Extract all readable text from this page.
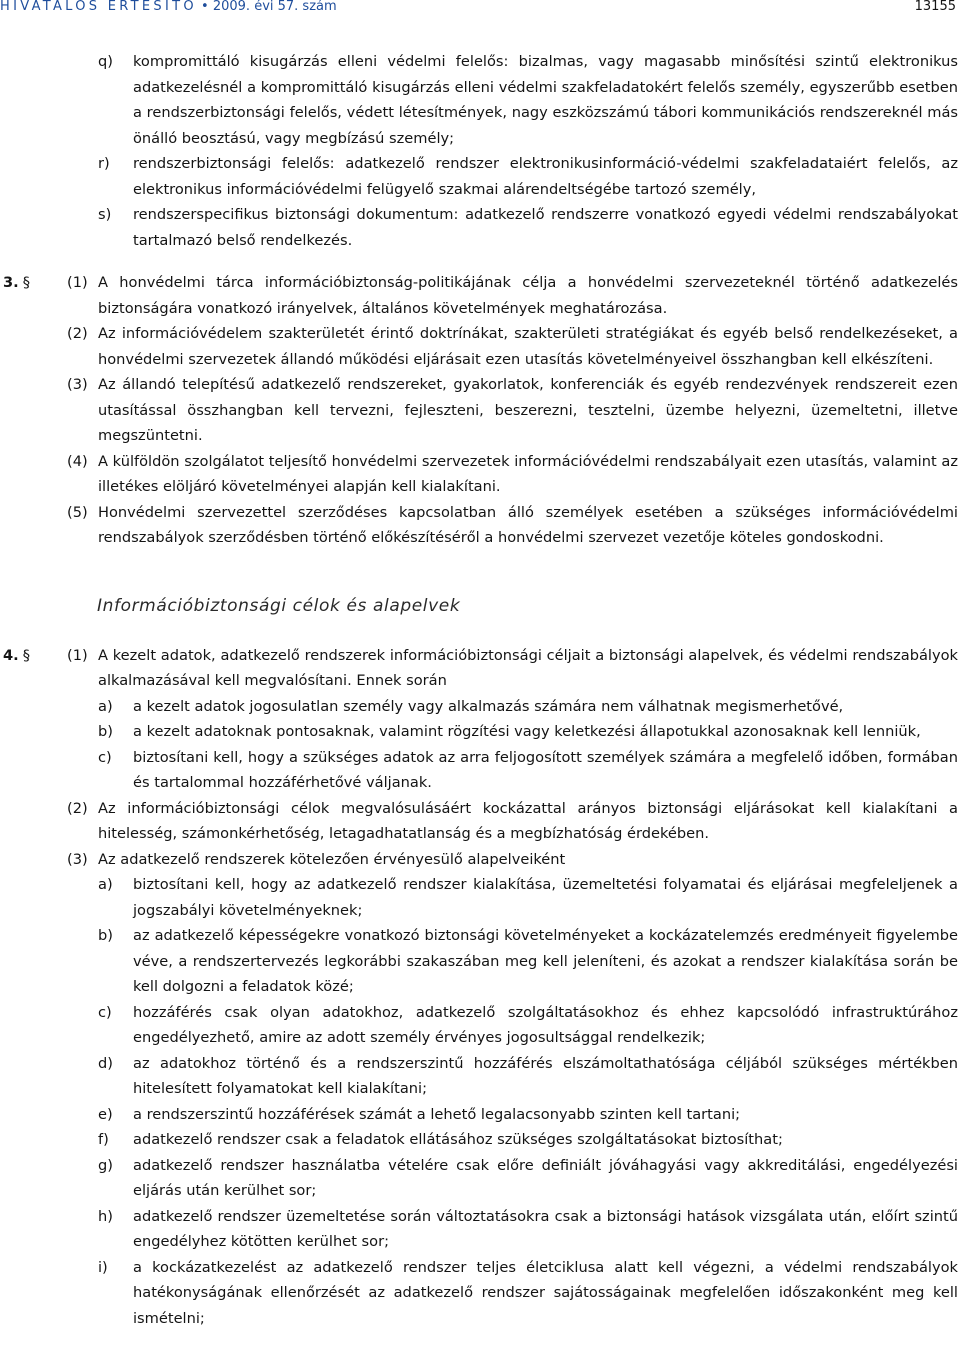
HIVATALOS ÉRTESÍTŐ • 2009. évi 57. szám	13155
q) kompromittáló kisugárzás elleni védelmi felelős: bizalmas, vagy magasabb minősítési szintű elektronikus adatkezelésnél a kompromittáló kisugárzás elleni védelmi szakfeladatokért felelős személy, egyszerűbb esetben a rendszerbiztonsági felelős, védett létesítmények, nagy eszközszámú tábori kommunikációs rendszereknél más önálló beosztású, vagy megbízású személy;
r) rendszerbiztonsági felelős: adatkezelő rendszer elektronikusinformáció-védelmi szakfeladataiért felelős, az elektronikus információvédelmi felügyelő szakmai alárendeltségébe tartozó személy,
s) rendszerspecifikus biztonsági dokumentum: adatkezelő rendszerre vonatkozó egyedi védelmi rendszabályokat tartalmazó belső rendelkezés.
3. §	(1) A honvédelmi tárca információbiztonság-politikájának célja a honvédelmi szervezeteknél történő adatkezelés biztonságára vonatkozó irányelvek, általános követelmények meghatározása.
(2) Az információvédelem szakterületét érintő doktrínákat, szakterületi stratégiákat és egyéb belső rendelkezéseket, a honvédelmi szervezetek állandó működési eljárásait ezen utasítás követelményeivel összhangban kell elkészíteni.
(3) Az állandó telepítésű adatkezelő rendszereket, gyakorlatok, konferenciák és egyéb rendezvények rendszereit ezen utasítással összhangban kell tervezni, fejleszteni, beszerezni, tesztelni, üzembe helyezni, üzemeltetni, illetve megszüntetni.
(4) A külföldön szolgálatot teljesítő honvédelmi szervezetek információvédelmi rendszabályait ezen utasítás, valamint az illetékes elöljáró követelményei alapján kell kialakítani.
(5) Honvédelmi szervezettel szerződéses kapcsolatban álló személyek esetében a szükséges információvédelmi rendszabályok szerződésben történő előkészítéséről a honvédelmi szervezet vezetője köteles gondoskodni.
Információbiztonsági célok és alapelvek
4. §	(1) A kezelt adatok, adatkezelő rendszerek információbiztonsági céljait a biztonsági alapelvek, és védelmi rendszabályok alkalmazásával kell megvalósítani. Ennek során
a) a kezelt adatok jogosulatlan személy vagy alkalmazás számára nem válhatnak megismerhetővé,
b) a kezelt adatoknak pontosaknak, valamint rögzítési vagy keletkezési állapotukkal azonosaknak kell lenniük,
c) biztosítani kell, hogy a szükséges adatok az arra feljogosított személyek számára a megfelelő időben, formában és tartalommal hozzáférhetővé váljanak.
(2) Az információbiztonsági célok megvalósulásáért kockázattal arányos biztonsági eljárásokat kell kialakítani a hitelesség, számonkérhetőség, letagadhatatlanság és a megbízhatóság érdekében.
(3) Az adatkezelő rendszerek kötelezően érvényesülő alapelveiként
a) biztosítani kell, hogy az adatkezelő rendszer kialakítása, üzemeltetési folyamatai és eljárásai megfeleljenek a jogszabályi követelményeknek;
b) az adatkezelő képességekre vonatkozó biztonsági követelményeket a kockázatelemzés eredményeit figyelembe véve, a rendszertervezés legkorábbi szakaszában meg kell jeleníteni, és azokat a rendszer kialakítása során be kell dolgozni a feladatok közé;
c) hozzáférés csak olyan adatokhoz, adatkezelő szolgáltatásokhoz és ehhez kapcsolódó infrastruktúrához engedélyezhető, amire az adott személy érvényes jogosultsággal rendelkezik;
d) az adatokhoz történő és a rendszerszintű hozzáférés elszámoltathatósága céljából szükséges mértékben hitelesített folyamatokat kell kialakítani;
e) a rendszerszintű hozzáférések számát a lehető legalacsonyabb szinten kell tartani;
f) adatkezelő rendszer csak a feladatok ellátásához szükséges szolgáltatásokat biztosíthat;
g) adatkezelő rendszer használatba vételére csak előre definiált jóváhagyási vagy akkreditálási, engedélyezési eljárás után kerülhet sor;
h) adatkezelő rendszer üzemeltetése során változtatásokra csak a biztonsági hatások vizsgálata után, előírt szintű engedélyhez kötötten kerülhet sor;
i) a kockázatkezelést az adatkezelő rendszer teljes életciklusa alatt kell végezni, a védelmi rendszabályok hatékonyságának ellenőrzését az adatkezelő rendszer sajátosságainak megfelelően időszakonként meg kell ismételni;
